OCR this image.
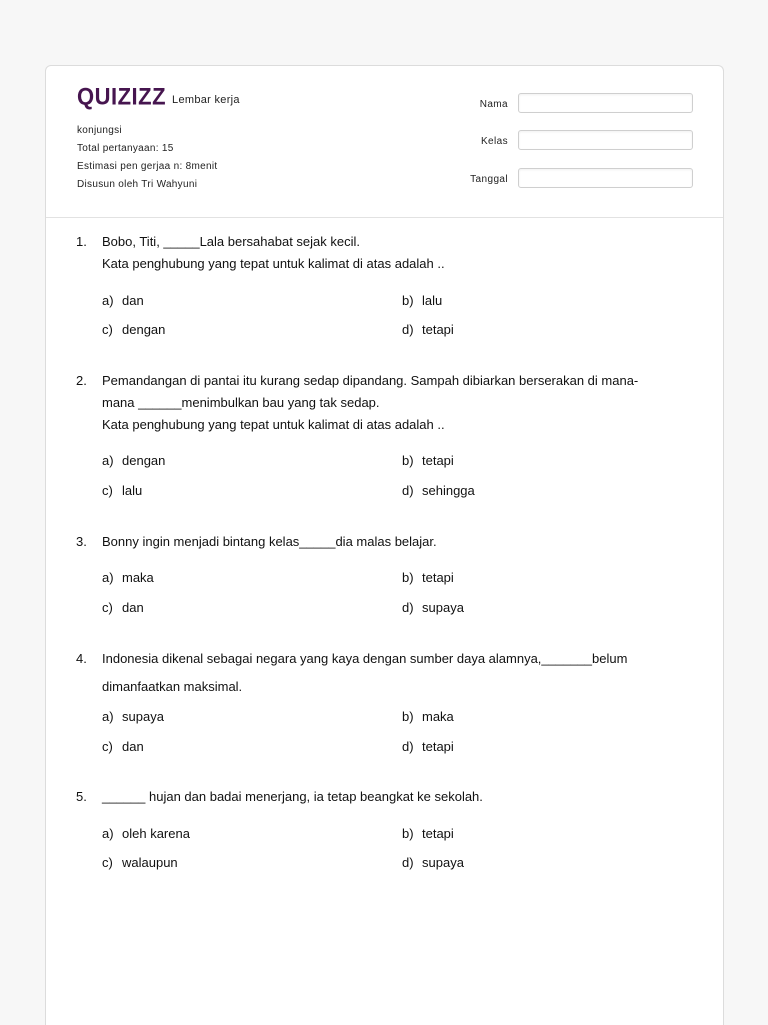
QUIZIZZ Lembar kerja
konjungsi
Total pertanyaan: 15
Estimasi pen gerjaa n: 8menit
Disusun oleh Tri Wahyuni
Nama
Kelas
Tanggal
1. Bobo, Titi, _____Lala bersahabat sejak kecil.
Kata penghubung yang tepat untuk kalimat di atas adalah ..
a) dan	b) lalu
c) dengan	d) tetapi
2. Pemandangan di pantai itu kurang sedap dipandang. Sampah dibiarkan berserakan di mana-
mana ______menimbulkan bau yang tak sedap.
Kata penghubung yang tepat untuk kalimat di atas adalah ..
a) dengan	b) tetapi
c) lalu	d) sehingga
3. Bonny ingin menjadi bintang kelas_____dia malas belajar.
a) maka	b) tetapi
c) dan	d) supaya
4. Indonesia dikenal sebagai negara yang kaya dengan sumber daya alamnya,_______belum
dimanfaatkan maksimal.
a) supaya	b) maka
c) dan	d) tetapi
5. ______ hujan dan badai menerjang, ia tetap beangkat ke sekolah.
a) oleh karena	b) tetapi
c) walaupun	d) supaya
